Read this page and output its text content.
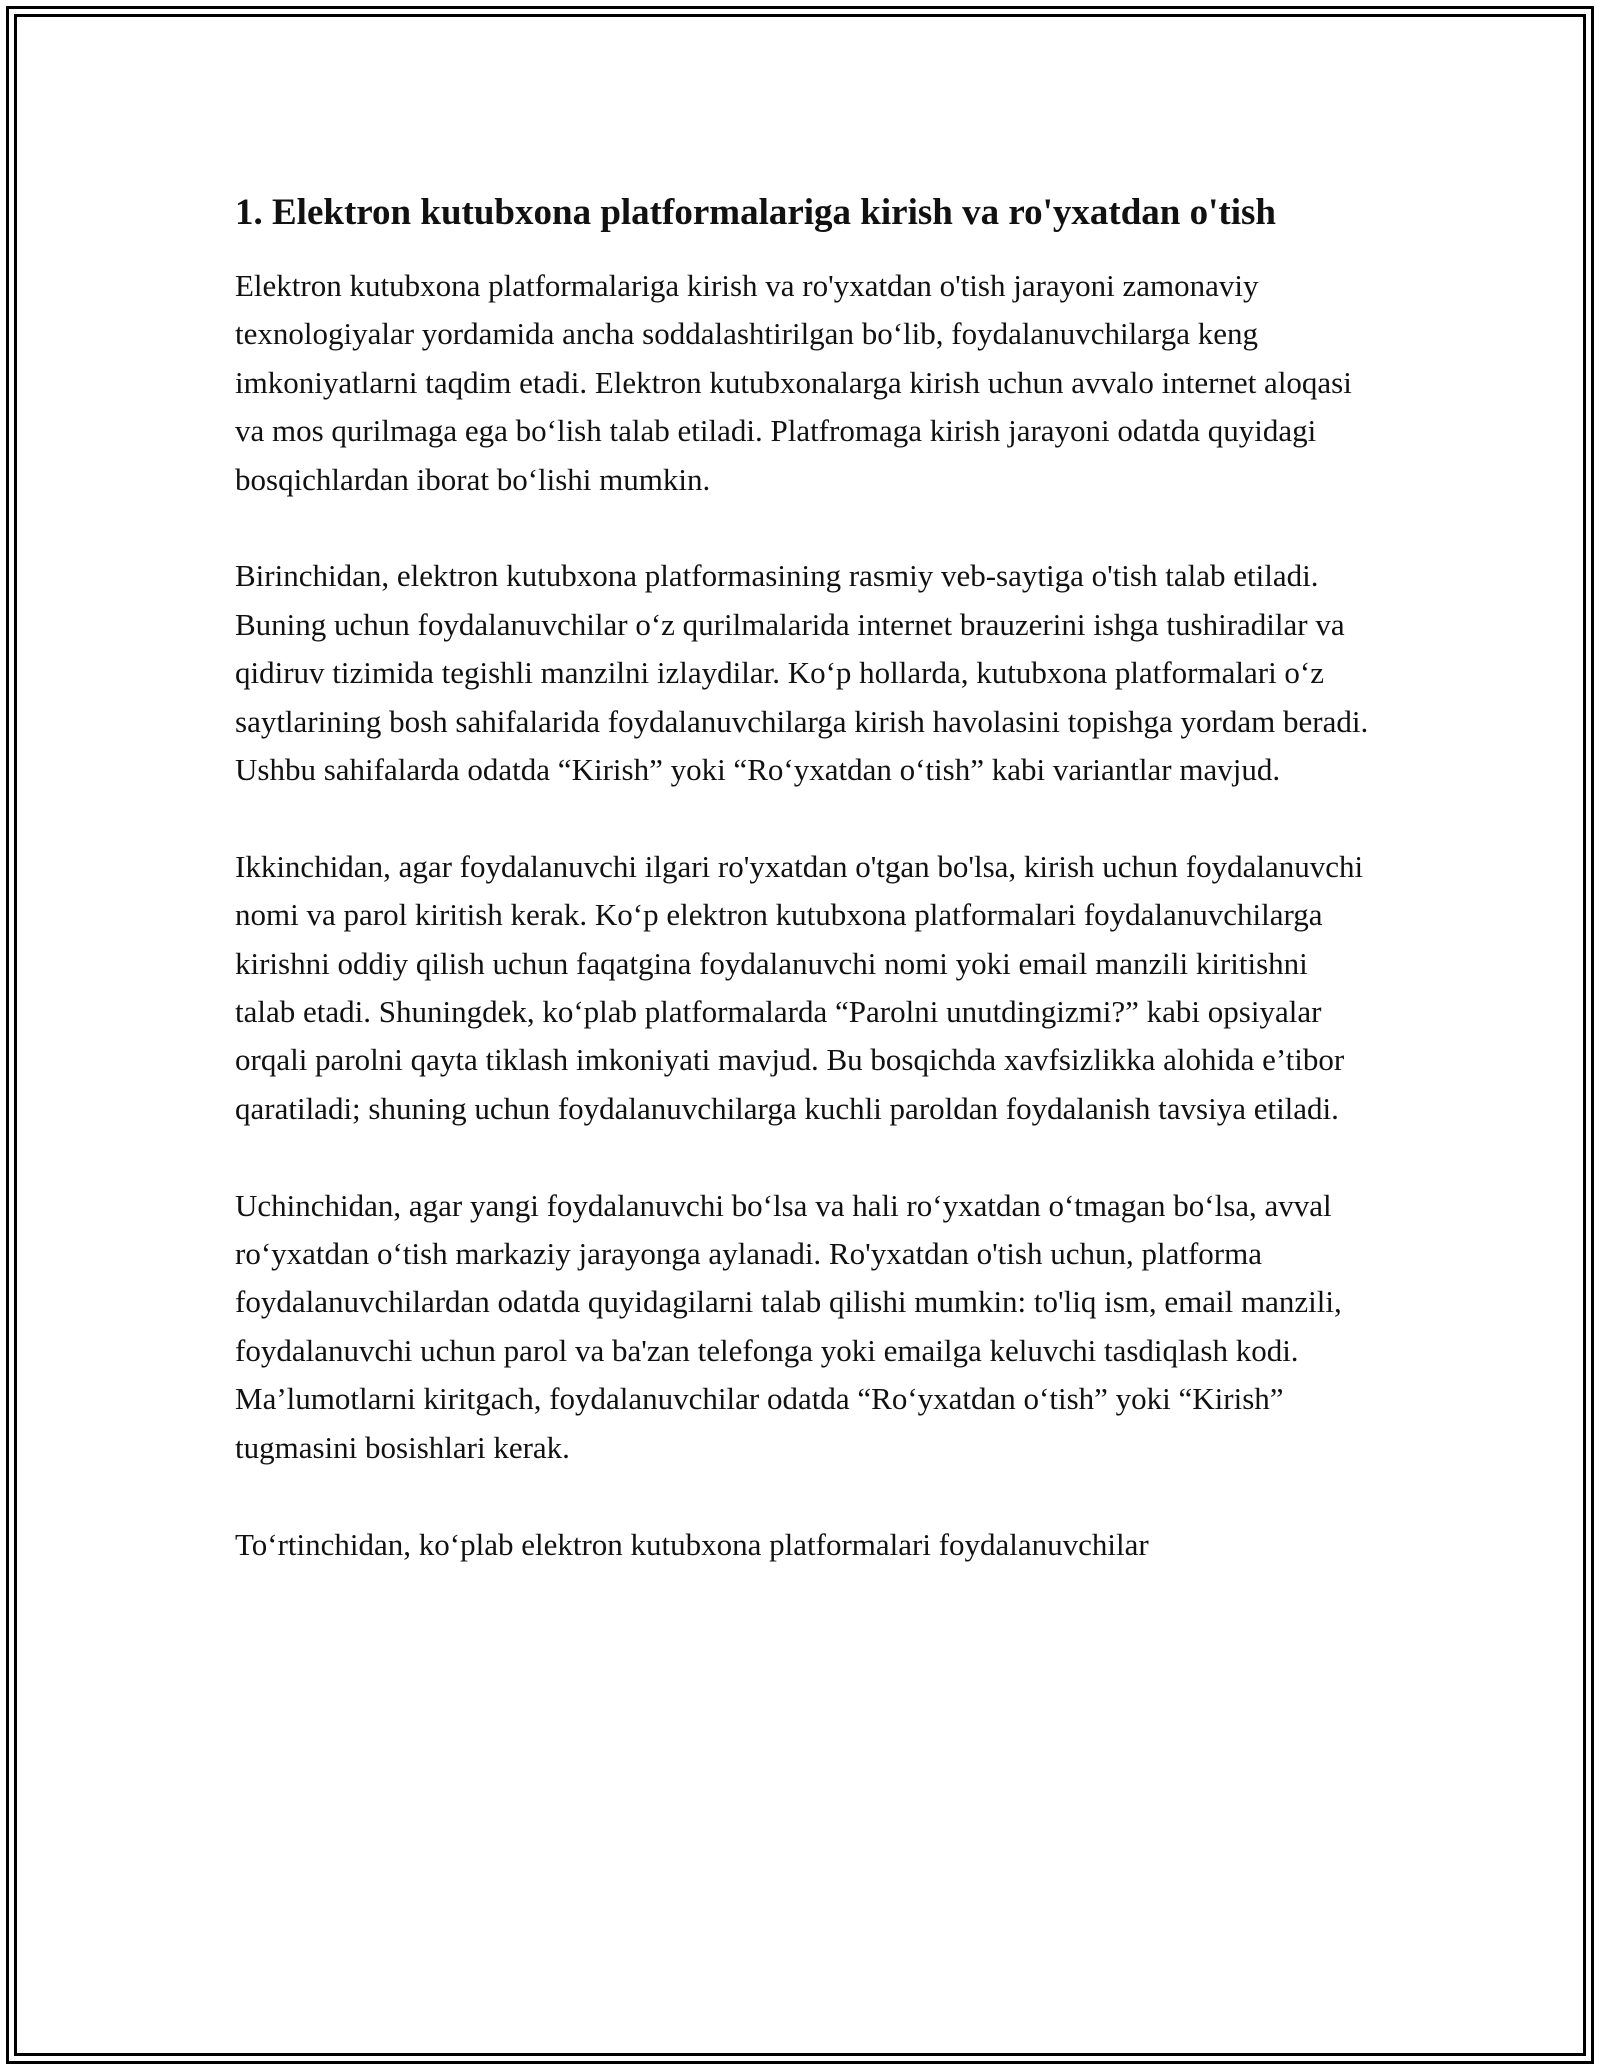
1. Elektron kutubxona platformalariga kirish va ro'yxatdan o'tish

Elektron kutubxona platformalariga kirish va ro'yxatdan o'tish jarayoni zamonaviy texnologiyalar yordamida ancha soddalashtirilgan bo‘lib, foydalanuvchilarga keng imkoniyatlarni taqdim etadi. Elektron kutubxonalarga kirish uchun avvalo internet aloqasi va mos qurilmaga ega bo‘lish talab etiladi. Platfromaga kirish jarayoni odatda quyidagi bosqichlardan iborat bo‘lishi mumkin.

Birinchidan, elektron kutubxona platformasining rasmiy veb-saytiga o'tish talab etiladi. Buning uchun foydalanuvchilar o‘z qurilmalarida internet brauzerini ishga tushiradilar va qidiruv tizimida tegishli manzilni izlaydilar. Ko‘p hollarda, kutubxona platformalari o‘z saytlarining bosh sahifalarida foydalanuvchilarga kirish havolasini topishga yordam beradi. Ushbu sahifalarda odatda “Kirish” yoki “Ro‘yxatdan o‘tish” kabi variantlar mavjud.

Ikkinchidan, agar foydalanuvchi ilgari ro'yxatdan o'tgan bo'lsa, kirish uchun foydalanuvchi nomi va parol kiritish kerak. Ko‘p elektron kutubxona platformalari foydalanuvchilarga kirishni oddiy qilish uchun faqatgina foydalanuvchi nomi yoki email manzili kiritishni talab etadi. Shuningdek, ko‘plab platformalarda “Parolni unutdingizmi?” kabi opsiyalar orqali parolni qayta tiklash imkoniyati mavjud. Bu bosqichda xavfsizlikka alohida e’tibor qaratiladi; shuning uchun foydalanuvchilarga kuchli paroldan foydalanish tavsiya etiladi.

Uchinchidan, agar yangi foydalanuvchi bo‘lsa va hali ro‘yxatdan o‘tmagan bo‘lsa, avval ro‘yxatdan o‘tish markaziy jarayonga aylanadi. Ro'yxatdan o'tish uchun, platforma foydalanuvchilardan odatda quyidagilarni talab qilishi mumkin: to'liq ism, email manzili, foydalanuvchi uchun parol va ba'zan telefonga yoki emailga keluvchi tasdiqlash kodi. Ma’lumotlarni kiritgach, foydalanuvchilar odatda “Ro‘yxatdan o‘tish” yoki “Kirish” tugmasini bosishlari kerak.

To‘rtinchidan, ko‘plab elektron kutubxona platformalari foydalanuvchilar
